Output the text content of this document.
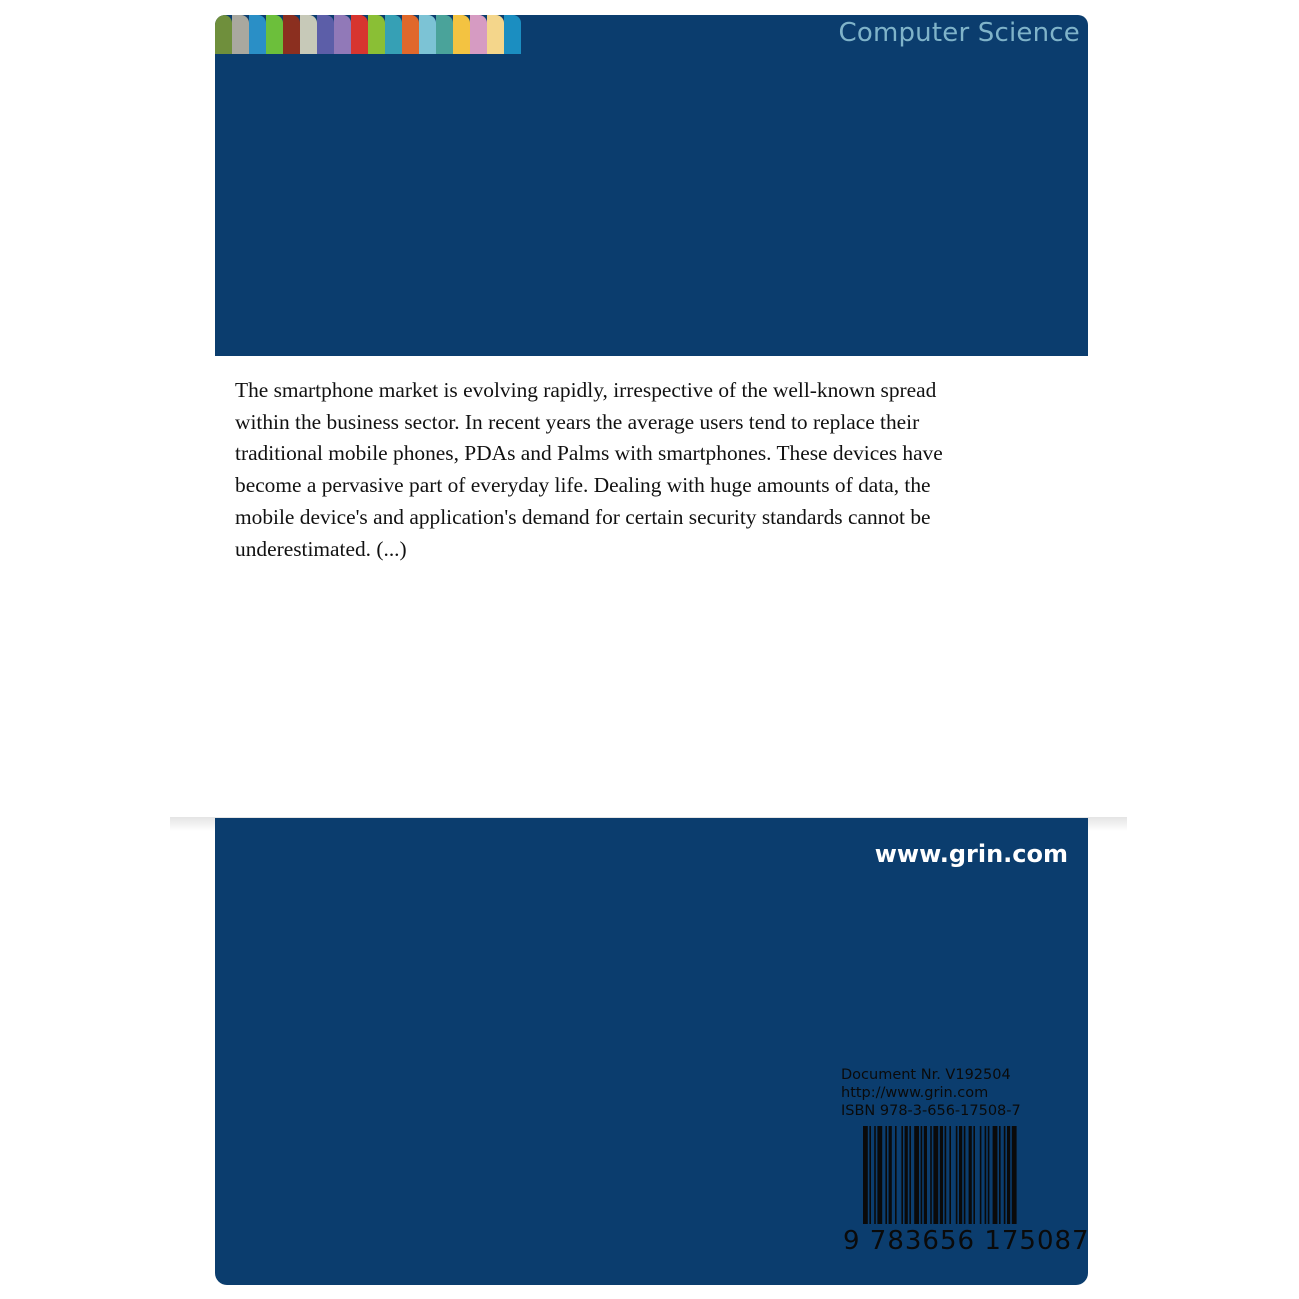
Computer Science

The smartphone market is evolving rapidly, irrespective of the well-known spread within the business sector. In recent years the average users tend to replace their traditional mobile phones, PDAs and Palms with smartphones. These devices have become a pervasive part of everyday life. Dealing with huge amounts of data, the mobile device's and application's demand for certain security standards cannot be underestimated. (...)

www.grin.com

Document Nr. V192504

http://www.grin.com

ISBN 978-3-656-17508-7

9 783656 175087
